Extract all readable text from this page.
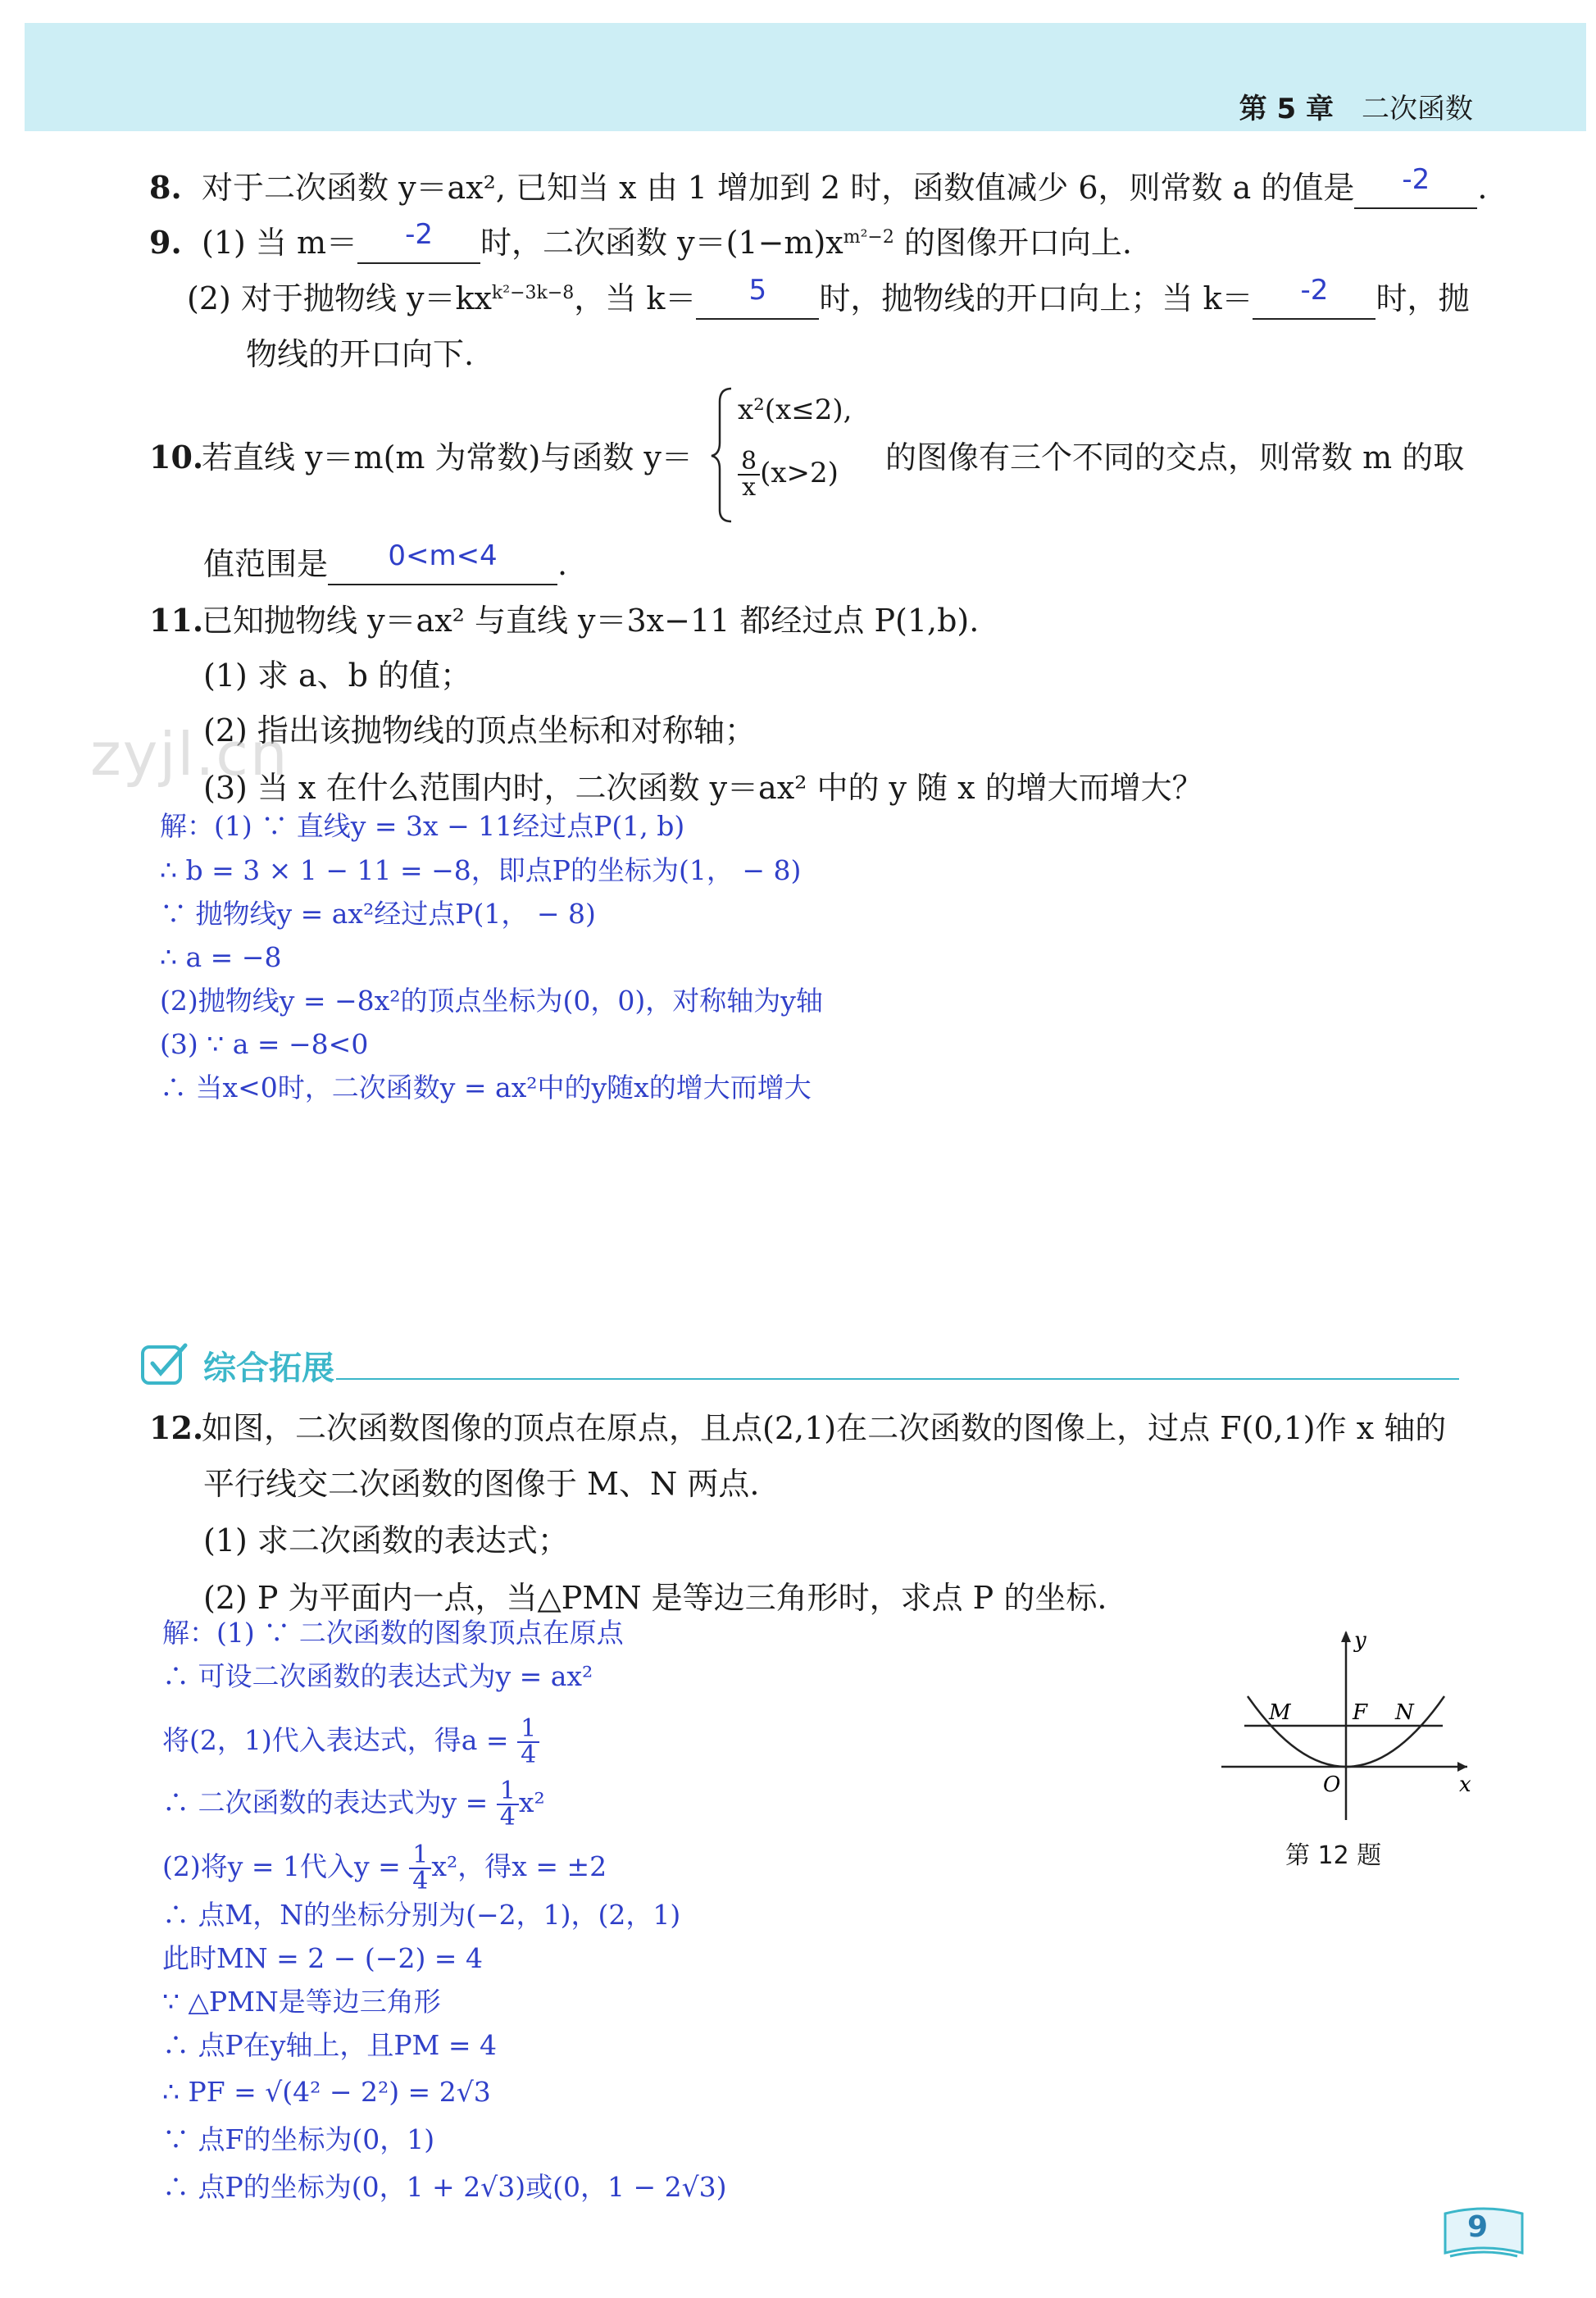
第 5 章 二次函数
8. 对于二次函数 y＝ax², 已知当 x 由 1 增加到 2 时，函数值减少 6，则常数 a 的值是	-2	.
9. (1) 当 m＝	-2	时，二次函数 $y=(1-m)x^{m^2-2}$ 的图像开口向上.
(2) 对于抛物线 $y=kx^{k^2-3k-8}$，当 k＝	5	时，抛物线的开口向上；当 k＝	-2	时，抛
物线的开口向下.
10.若直线 y＝m(m 为常数)与函数 y＝
x²(x≤2),
$\frac{8}{x} (x>2)$ 的图像有三个不同的交点，则常数 m 的取
值范围是	0<m<4	.
11.已知抛物线 y＝ax² 与直线 y＝3x−11 都经过点 P(1,b).
(1) 求 a、b 的值；
(2) 指出该抛物线的顶点坐标和对称轴；
(3) 当 x 在什么范围内时，二次函数 y＝ax² 中的 y 随 x 的增大而增大？
zyjl.cn
解：(1) ∵ 直线y = 3x − 11经过点P(1, b)
∴ b = 3 × 1 − 11 = −8，即点P的坐标为(1， − 8)
∵ 抛物线y = ax²经过点P(1， − 8)
∴ a = −8
(2)抛物线y = −8x²的顶点坐标为(0，0)，对称轴为y轴
(3) ∵ a = −8<0
∴ 当x<0时，二次函数y = ax²中的y随x的增大而增大
综合拓展
12.如图，二次函数图像的顶点在原点，且点(2,1)在二次函数的图像上，过点 F(0,1)作 x 轴的
平行线交二次函数的图像于 M、N 两点.
(1) 求二次函数的表达式；
(2) P 为平面内一点，当△PMN 是等边三角形时，求点 P 的坐标.
解：(1) ∵ 二次函数的图象顶点在原点
∴ 可设二次函数的表达式为y = ax²
将(2，1)代入表达式，得$a = \frac{1}{4}$
∴ 二次函数的表达式为$y = \frac{1}{4} x^2$
(2)将y = 1代入$y = \frac{1}{4} x^2$，得x = ±2
∴ 点M，N的坐标分别为(−2，1)，(2，1)
此时MN = 2 − (−2) = 4
∵ △PMN是等边三角形
∴ 点P在y轴上，且PM = 4
∴ PF = √(4² − 2²) = 2√3
∵ 点F的坐标为(0，1)
∴ 点P的坐标为(0，1 + 2√3)或(0，1 − 2√3)
y
x
O
M	F N
第 12 题
9
